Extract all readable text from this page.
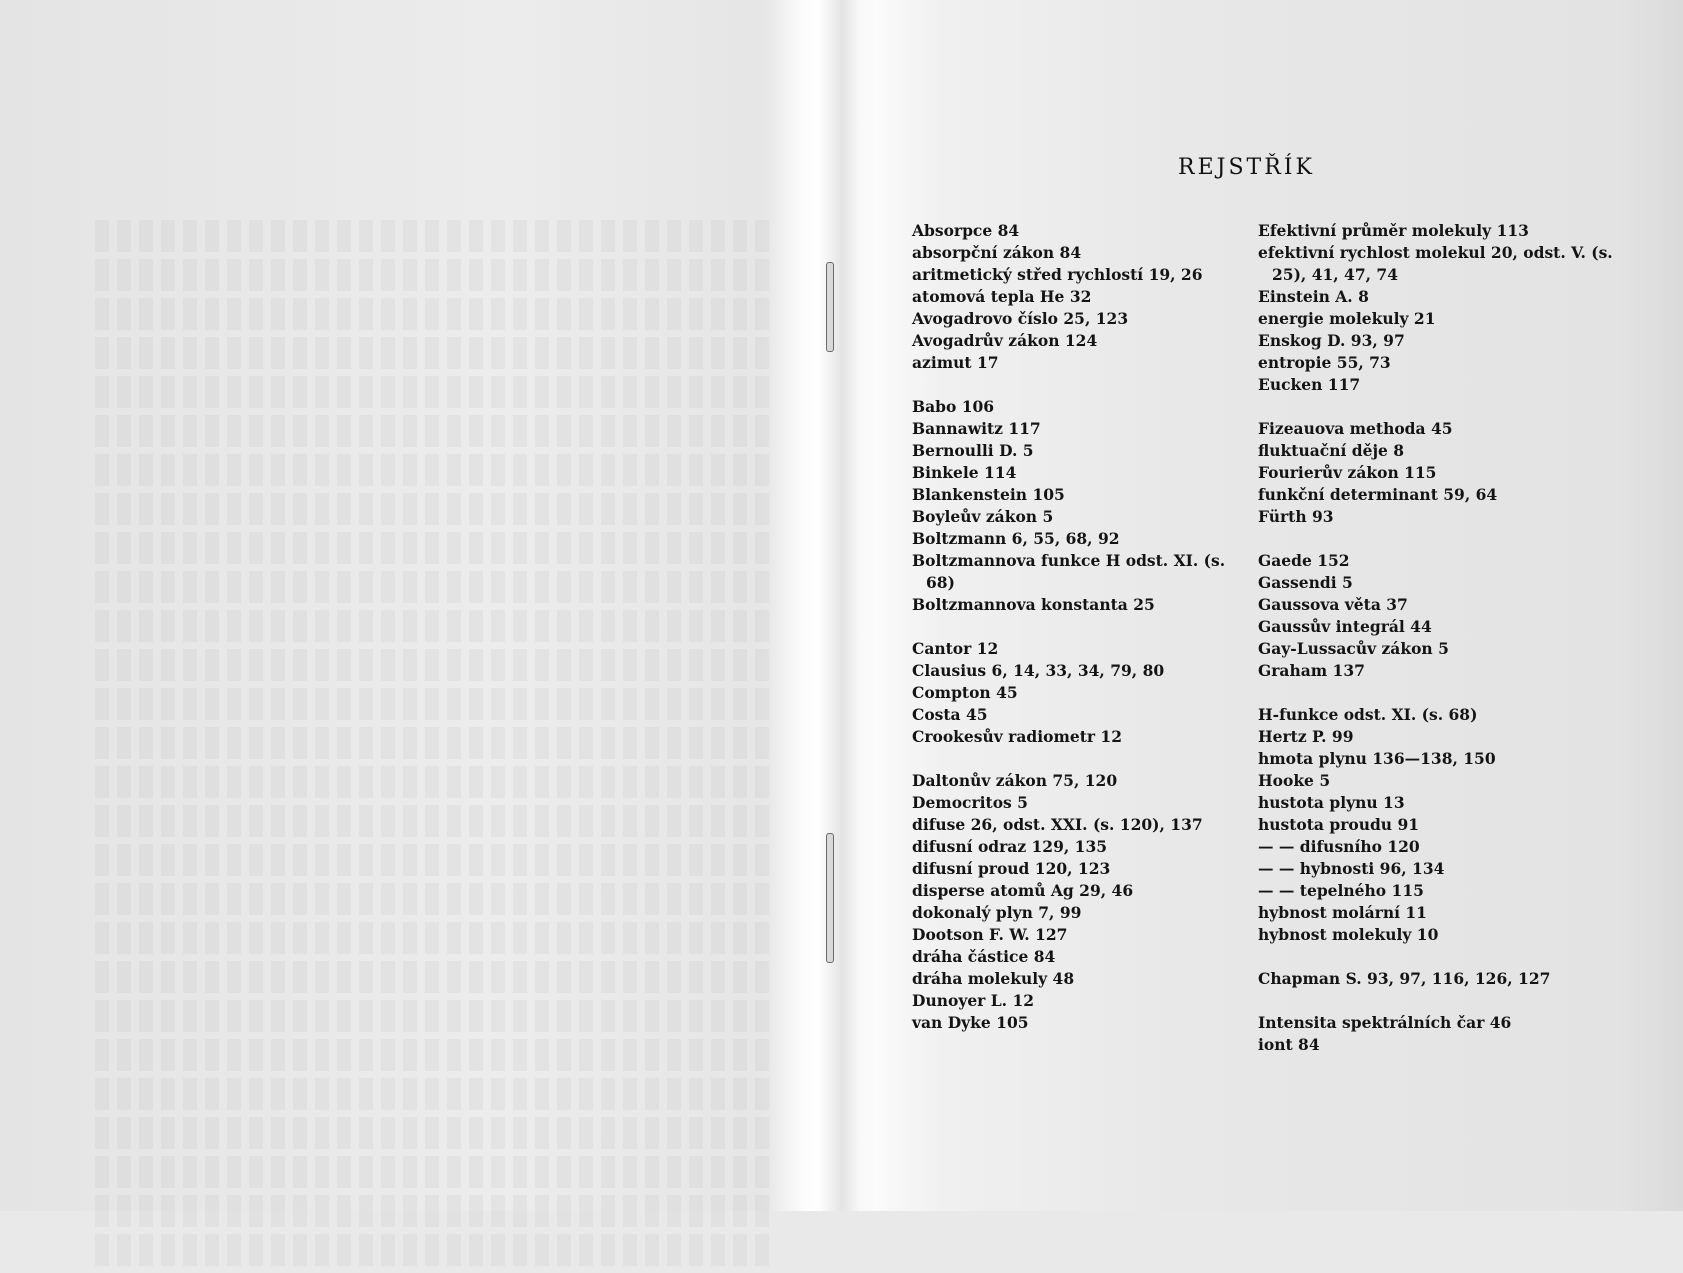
REJSTŘÍK
Absorpce 84
absorpční zákon 84
aritmetický střed rychlostí 19, 26
atomová tepla He 32
Avogadrovo číslo 25, 123
Avogadrův zákon 124
azimut 17
Babo 106
Bannawitz 117
Bernoulli D. 5
Binkele 114
Blankenstein 105
Boyleův zákon 5
Boltzmann 6, 55, 68, 92
Boltzmannova funkce H odst. XI. (s. 68)
Boltzmannova konstanta 25
Cantor 12
Clausius 6, 14, 33, 34, 79, 80
Compton 45
Costa 45
Crookesův radiometr 12
Daltonův zákon 75, 120
Democritos 5
difuse 26, odst. XXI. (s. 120), 137
difusní odraz 129, 135
difusní proud 120, 123
disperse atomů Ag 29, 46
dokonalý plyn 7, 99
Dootson F. W. 127
dráha částice 84
dráha molekuly 48
Dunoyer L. 12
van Dyke 105
Efektivní průměr molekuly 113
efektivní rychlost molekul 20, odst. V. (s. 25), 41, 47, 74
Einstein A. 8
energie molekuly 21
Enskog D. 93, 97
entropie 55, 73
Eucken 117
Fizeauova methoda 45
fluktuační děje 8
Fourierův zákon 115
funkční determinant 59, 64
Fürth 93
Gaede 152
Gassendi 5
Gaussova věta 37
Gaussův integrál 44
Gay-Lussacův zákon 5
Graham 137
H-funkce odst. XI. (s. 68)
Hertz P. 99
hmota plynu 136—138, 150
Hooke 5
hustota plynu 13
hustota proudu 91
— — difusního 120
— — hybnosti 96, 134
— — tepelného 115
hybnost molární 11
hybnost molekuly 10
Chapman S. 93, 97, 116, 126, 127
Intensita spektrálních čar 46
iont 84
